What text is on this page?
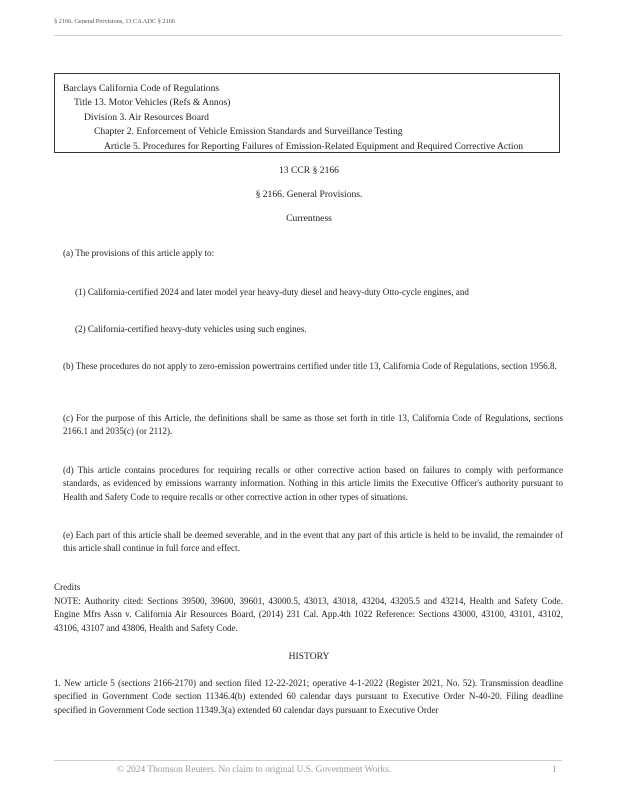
§ 2166. General Provisions, 13 CA ADC § 2166
Barclays California Code of Regulations
Title 13. Motor Vehicles (Refs & Annos)
Division 3. Air Resources Board
Chapter 2. Enforcement of Vehicle Emission Standards and Surveillance Testing
Article 5. Procedures for Reporting Failures of Emission-Related Equipment and Required Corrective Action
13 CCR § 2166
§ 2166. General Provisions.
Currentness
(a) The provisions of this article apply to:
(1) California-certified 2024 and later model year heavy-duty diesel and heavy-duty Otto-cycle engines, and
(2) California-certified heavy-duty vehicles using such engines.
(b) These procedures do not apply to zero-emission powertrains certified under title 13, California Code of Regulations, section 1956.8.
(c) For the purpose of this Article, the definitions shall be same as those set forth in title 13, California Code of Regulations, sections 2166.1 and 2035(c) (or 2112).
(d) This article contains procedures for requiring recalls or other corrective action based on failures to comply with performance standards, as evidenced by emissions warranty information. Nothing in this article limits the Executive Officer's authority pursuant to Health and Safety Code to require recalls or other corrective action in other types of situations.
(e) Each part of this article shall be deemed severable, and in the event that any part of this article is held to be invalid, the remainder of this article shall continue in full force and effect.
Credits
NOTE: Authority cited: Sections 39500, 39600, 39601, 43000.5, 43013, 43018, 43204, 43205.5 and 43214, Health and Safety Code. Engine Mfrs Assn v. California Air Resources Board, (2014) 231 Cal. App.4th 1022 Reference: Sections 43000, 43100, 43101, 43102, 43106, 43107 and 43806, Health and Safety Code.
HISTORY
1. New article 5 (sections 2166-2170) and section filed 12-22-2021; operative 4-1-2022 (Register 2021, No. 52). Transmission deadline specified in Government Code section 11346.4(b) extended 60 calendar days pursuant to Executive Order N-40-20. Filing deadline specified in Government Code section 11349.3(a) extended 60 calendar days pursuant to Executive Order
© 2024 Thomson Reuters. No claim to original U.S. Government Works.	1
